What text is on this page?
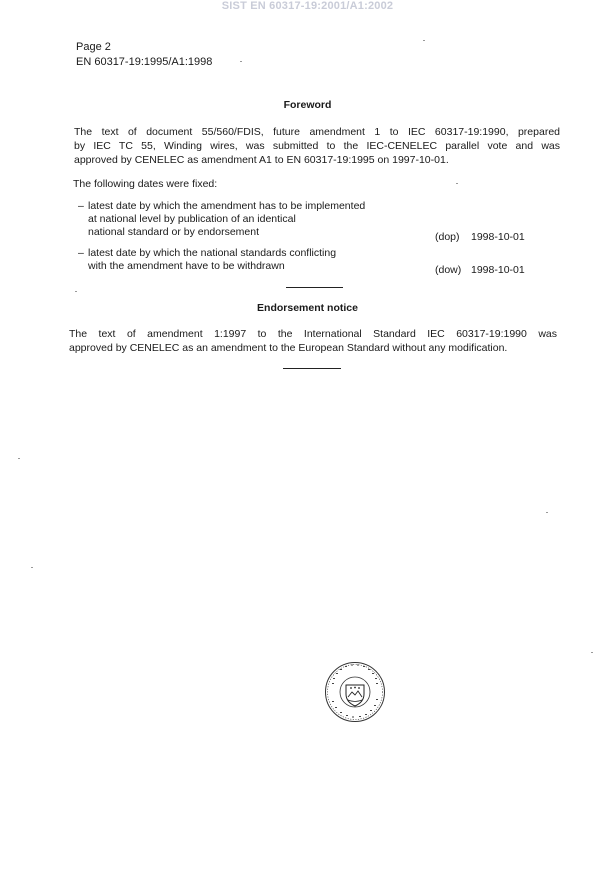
SIST EN 60317-19:2001/A1:2002
Page 2
EN 60317-19:1995/A1:1998
Foreword
The text of document 55/560/FDIS, future amendment 1 to IEC 60317-19:1990, prepared
by IEC TC 55, Winding wires, was submitted to the IEC-CENELEC parallel vote and was
approved by CENELEC as amendment A1 to EN 60317-19:1995 on 1997-10-01.
The following dates were fixed:
– latest date by which the amendment has to be implemented
at national level by publication of an identical
national standard or by endorsement	(dop) 1998-10-01
– latest date by which the national standards conflicting
with the amendment have to be withdrawn	(dow) 1998-10-01
Endorsement notice
The text of amendment 1:1997 to the International Standard IEC 60317-19:1990 was
approved by CENELEC as an amendment to the European Standard without any modification.
